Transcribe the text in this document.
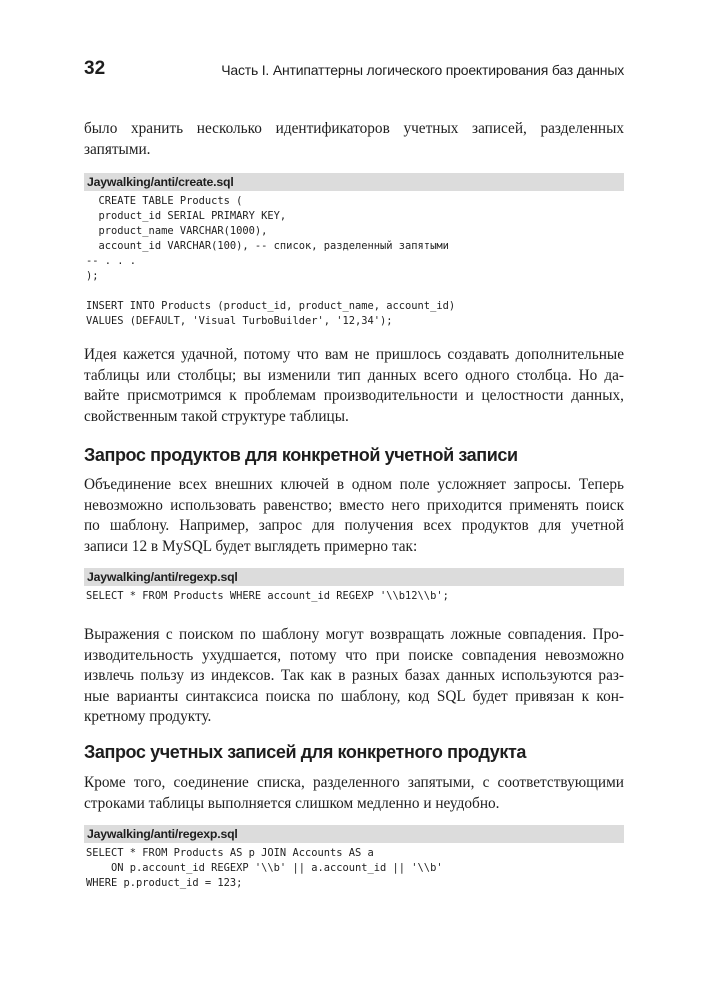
32	Часть I. Антипаттерны логического проектирования баз данных

было хранить несколько идентификаторов учетных записей, разделенных
запятыми.

Jaywalking/anti/create.sql
CREATE TABLE Products (
product_id SERIAL PRIMARY KEY,
product_name VARCHAR(1000),
account_id VARCHAR(100), -- список, разделенный запятыми
-- . . .
);
INSERT INTO Products (product_id, product_name, account_id)
VALUES (DEFAULT, 'Visual TurboBuilder', '12,34');

Идея кажется удачной, потому что вам не пришлось создавать дополнительные
таблицы или столбцы; вы изменили тип данных всего одного столбца. Но да-
вайте присмотримся к проблемам производительности и целостности данных,
свойственным такой структуре таблицы.

Запрос продуктов для конкретной учетной записи

Объединение всех внешних ключей в одном поле усложняет запросы. Теперь
невозможно использовать равенство; вместо него приходится применять поиск
по шаблону. Например, запрос для получения всех продуктов для учетной
записи 12 в MySQL будет выглядеть примерно так:

Jaywalking/anti/regexp.sql
SELECT * FROM Products WHERE account_id REGEXP '\\b12\\b';

Выражения с поиском по шаблону могут возвращать ложные совпадения. Про-
изводительность ухудшается, потому что при поиске совпадения невозможно
извлечь пользу из индексов. Так как в разных базах данных используются раз-
ные варианты синтаксиса поиска по шаблону, код SQL будет привязан к кон-
кретному продукту.

Запрос учетных записей для конкретного продукта

Кроме того, соединение списка, разделенного запятыми, с соответствующими
строками таблицы выполняется слишком медленно и неудобно.

Jaywalking/anti/regexp.sql
SELECT * FROM Products AS p JOIN Accounts AS a
ON p.account_id REGEXP '\\b' || a.account_id || '\\b'
WHERE p.product_id = 123;
